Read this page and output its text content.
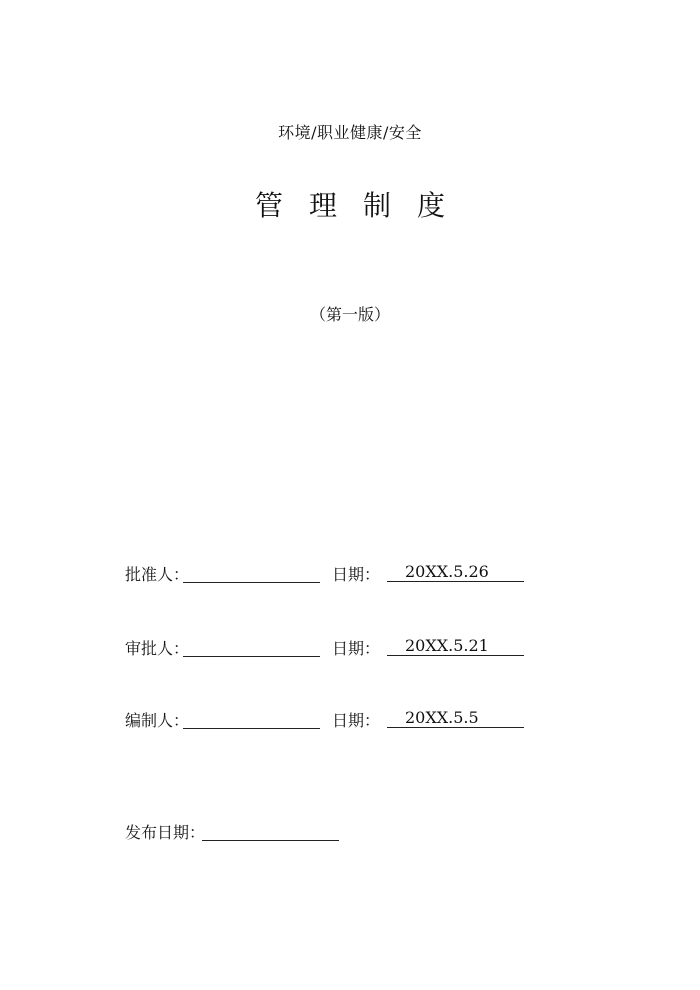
环境/职业健康/安全
管理制度
（第一版）
批准人：	日期：	20XX.5.26
审批人：	日期：	20XX.5.21
编制人：	日期：	20XX.5.5
发布日期：
